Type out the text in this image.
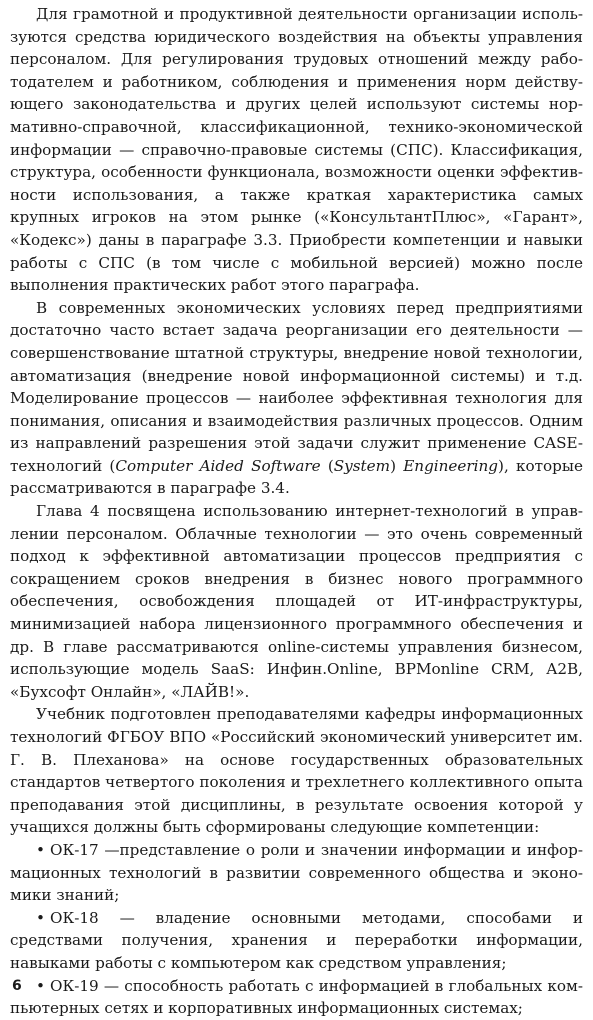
Для грамотной и продуктивной деятельности организации используются средства юридического воздействия на объекты управления персоналом. Для регулирования трудовых отношений между работодателем и работником, соблюдения и применения норм действующего законодательства и других целей используют системы нормативно-справочной, классификационной, технико-экономической информации — справочно-правовые системы (СПС). Классификация, структура, особенности функционала, возможности оценки эффективности использования, а также краткая характеристика самых крупных игроков на этом рынке («КонсультантПлюс», «Гарант», «Кодекс») даны в параграфе 3.3. Приобрести компетенции и навыки работы с СПС (в том числе с мобильной версией) можно после выполнения практических работ этого параграфа.

В современных экономических условиях перед предприятиями достаточно часто встает задача реорганизации его деятельности — совершенствование штатной структуры, внедрение новой технологии, автоматизация (внедрение новой информационной системы) и т.д. Моделирование процессов — наиболее эффективная технология для понимания, описания и взаимодействия различных процессов. Одним из направлений разрешения этой задачи служит применение CASE-технологий (Computer Aided Software (System) Engineering), которые рассматриваются в параграфе 3.4.

Глава 4 посвящена использованию интернет-технологий в управлении персоналом. Облачные технологии — это очень современный подход к эффективной автоматизации процессов предприятия с сокращением сроков внедрения в бизнес нового программного обеспечения, освобождения площадей от ИТ-инфраструктуры, минимизацией набора лицензионного программного обеспечения и др. В главе рассматриваются online-системы управления бизнесом, использующие модель SaaS: Инфин.Online, BPMonline CRM, A2B, «Бухсофт Онлайн», «ЛАЙВ!».

Учебник подготовлен преподавателями кафедры информационных технологий ФГБОУ ВПО «Российский экономический университет им. Г. В. Плеханова» на основе государственных образовательных стандартов четвертого поколения и трехлетнего коллективного опыта преподавания этой дисциплины, в результате освоения которой у учащихся должны быть сформированы следующие компетенции:

• ОК-17 —представление о роли и значении информации и информационных технологий в развитии современного общества и экономики знаний;
• ОК-18 — владение основными методами, способами и средствами получения, хранения и переработки информации, навыками работы с компьютером как средством управления;
• ОК-19 — способность работать с информацией в глобальных компьютерных сетях и корпоративных информационных системах;
6
